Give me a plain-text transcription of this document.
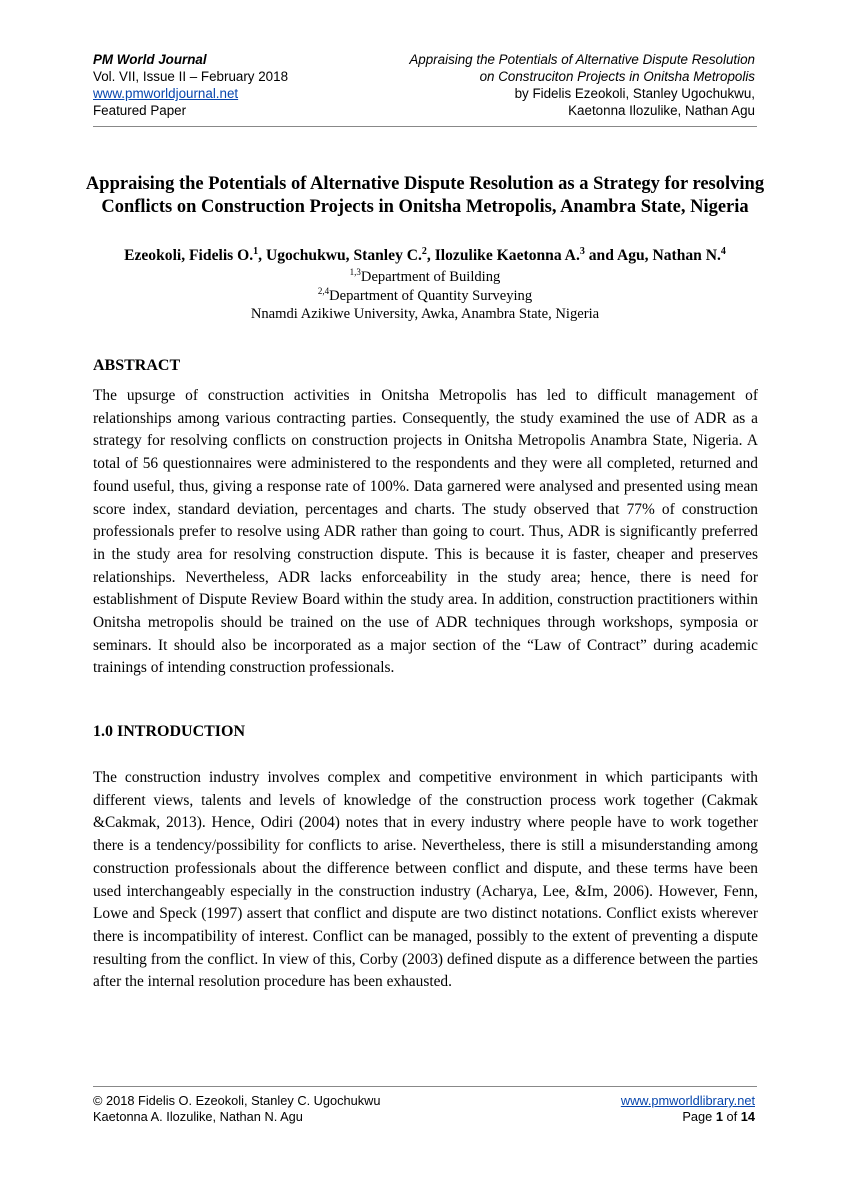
PM World Journal
Vol. VII, Issue II – February 2018
www.pmworldjournal.net
Featured Paper
Appraising the Potentials of Alternative Dispute Resolution
on Construciton Projects in Onitsha Metropolis
by Fidelis Ezeokoli, Stanley Ugochukwu,
Kaetonna Ilozulike, Nathan Agu
Appraising the Potentials of Alternative Dispute Resolution as a Strategy for resolving Conflicts on Construction Projects in Onitsha Metropolis, Anambra State, Nigeria
Ezeokoli, Fidelis O.$^1$, Ugochukwu, Stanley C.$^2$, Ilozulike Kaetonna A.$^3$ and Agu, Nathan N.$^4$
$^{1,3}$Department of Building
$^{2,4}$Department of Quantity Surveying
Nnamdi Azikiwe University, Awka, Anambra State, Nigeria
ABSTRACT
The upsurge of construction activities in Onitsha Metropolis has led to difficult management of relationships among various contracting parties. Consequently, the study examined the use of ADR as a strategy for resolving conflicts on construction projects in Onitsha Metropolis Anambra State, Nigeria. A total of 56 questionnaires were administered to the respondents and they were all completed, returned and found useful, thus, giving a response rate of 100%. Data garnered were analysed and presented using mean score index, standard deviation, percentages and charts. The study observed that 77% of construction professionals prefer to resolve using ADR rather than going to court. Thus, ADR is significantly preferred in the study area for resolving construction dispute. This is because it is faster, cheaper and preserves relationships. Nevertheless, ADR lacks enforceability in the study area; hence, there is need for establishment of Dispute Review Board within the study area. In addition, construction practitioners within Onitsha metropolis should be trained on the use of ADR techniques through workshops, symposia or seminars. It should also be incorporated as a major section of the “Law of Contract” during academic trainings of intending construction professionals.
1.0 INTRODUCTION
The construction industry involves complex and competitive environment in which participants with different views, talents and levels of knowledge of the construction process work together (Cakmak &Cakmak, 2013). Hence, Odiri (2004) notes that in every industry where people have to work together there is a tendency/possibility for conflicts to arise. Nevertheless, there is still a misunderstanding among construction professionals about the difference between conflict and dispute, and these terms have been used interchangeably especially in the construction industry (Acharya, Lee, &Im, 2006). However, Fenn, Lowe and Speck (1997) assert that conflict and dispute are two distinct notations. Conflict exists wherever there is incompatibility of interest. Conflict can be managed, possibly to the extent of preventing a dispute resulting from the conflict. In view of this, Corby (2003) defined dispute as a difference between the parties after the internal resolution procedure has been exhausted.
© 2018 Fidelis O. Ezeokoli, Stanley C. Ugochukwu
Kaetonna A. Ilozulike, Nathan N. Agu
www.pmworldlibrary.net
Page 1 of 14
